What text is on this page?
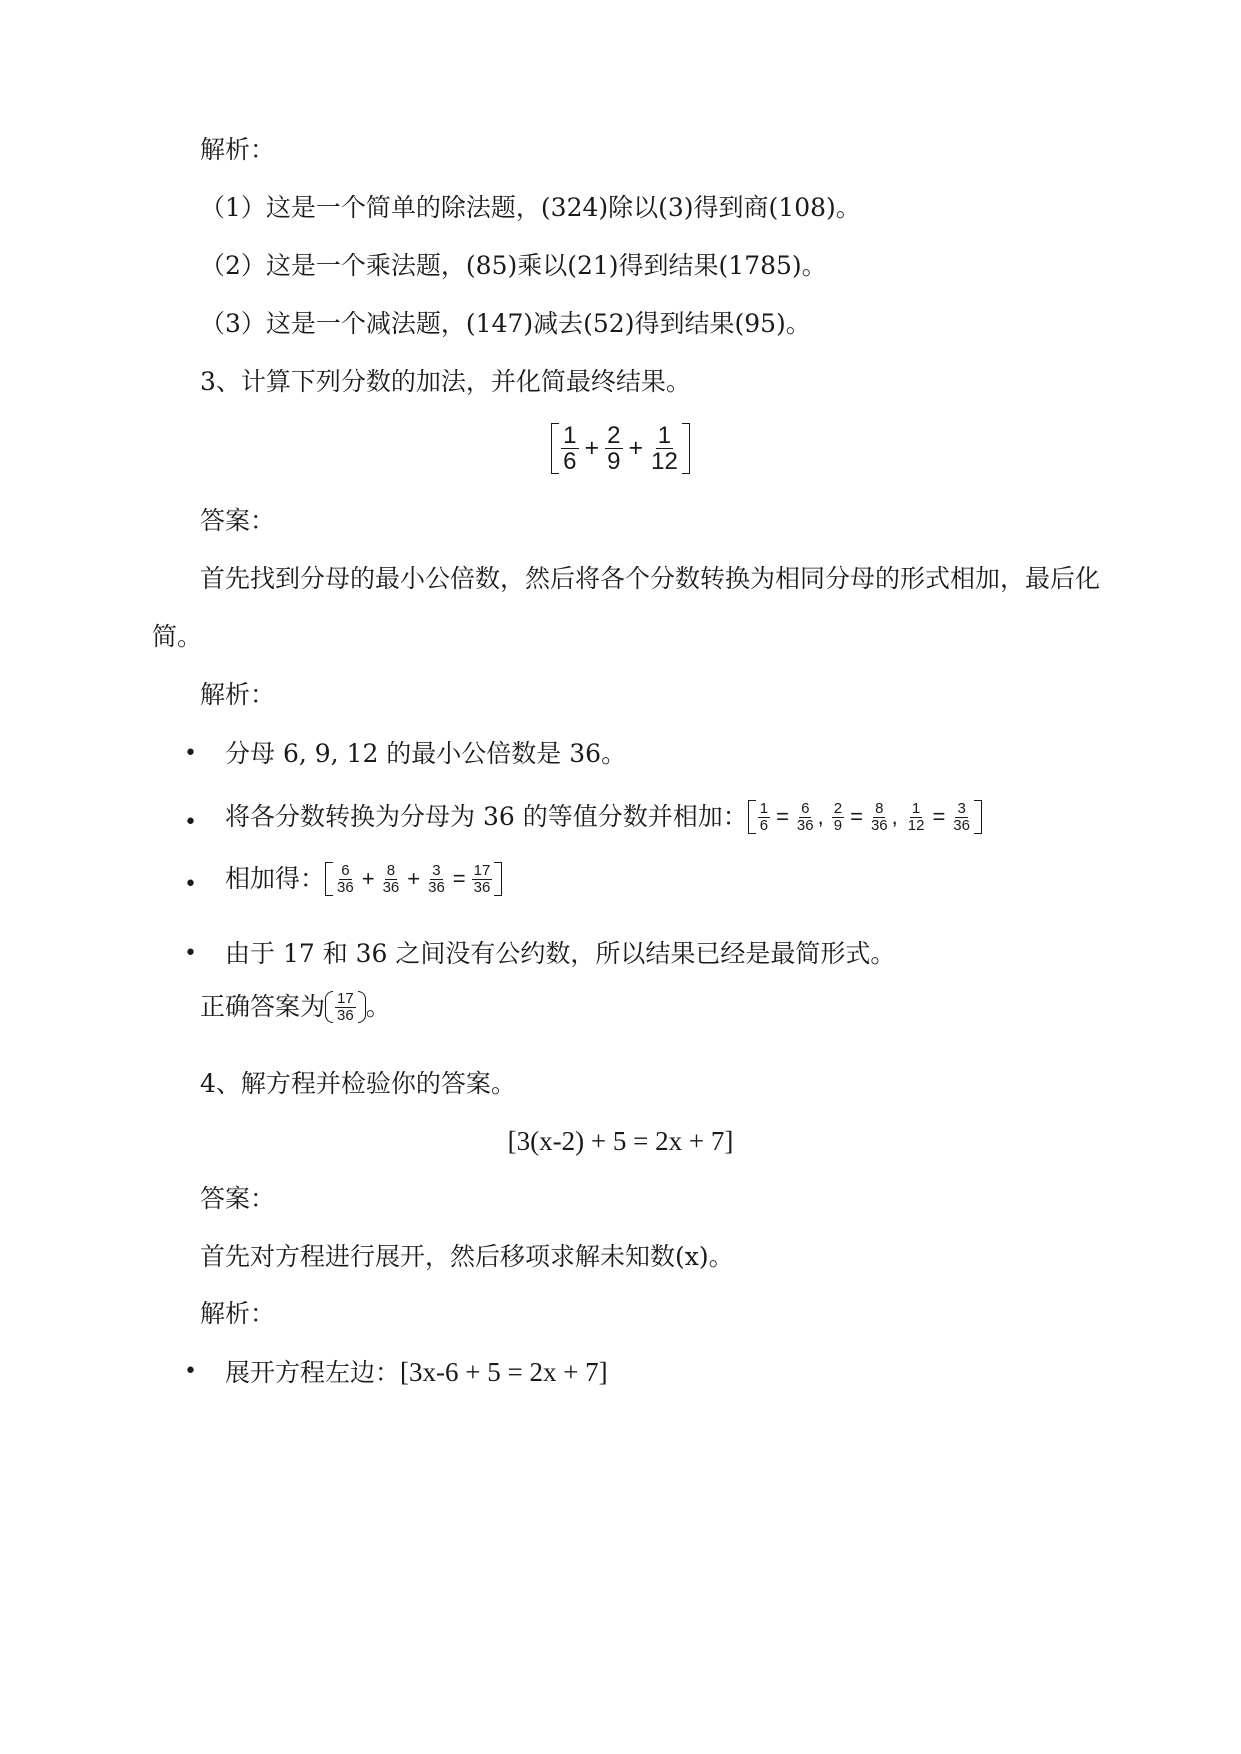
解析：
（1）这是一个简单的除法题，(324)除以(3)得到商(108)。
（2）这是一个乘法题，(85)乘以(21)得到结果(1785)。
（3）这是一个减法题，(147)减去(52)得到结果(95)。
3、计算下列分数的加法，并化简最终结果。
$\frac{1}{6} + \frac{2}{9} + \frac{1}{12}$
答案：
首先找到分母的最小公倍数，然后将各个分数转换为相同分母的形式相加，最后化
简。
解析：
• 分母 6, 9, 12 的最小公倍数是 36。
• 将各分数转换为分母为 36 的等值分数并相加： $\frac{1}{6} = \frac{6}{36}$ , $\frac{2}{9} = \frac{8}{36}$ , $\frac{1}{12} = \frac{3}{36}$
• 相加得： $\frac{6}{36} + \frac{8}{36} + \frac{3}{36} = \frac{17}{36}$
• 由于 17 和 36 之间没有公约数，所以结果已经是最简形式。
正确答案为 $\frac{17}{36}$ 。
4、解方程并检验你的答案。
[3(x-2) + 5 = 2x + 7]
答案：
首先对方程进行展开，然后移项求解未知数(x)。
解析：
• 展开方程左边：[3x-6 + 5 = 2x + 7]
